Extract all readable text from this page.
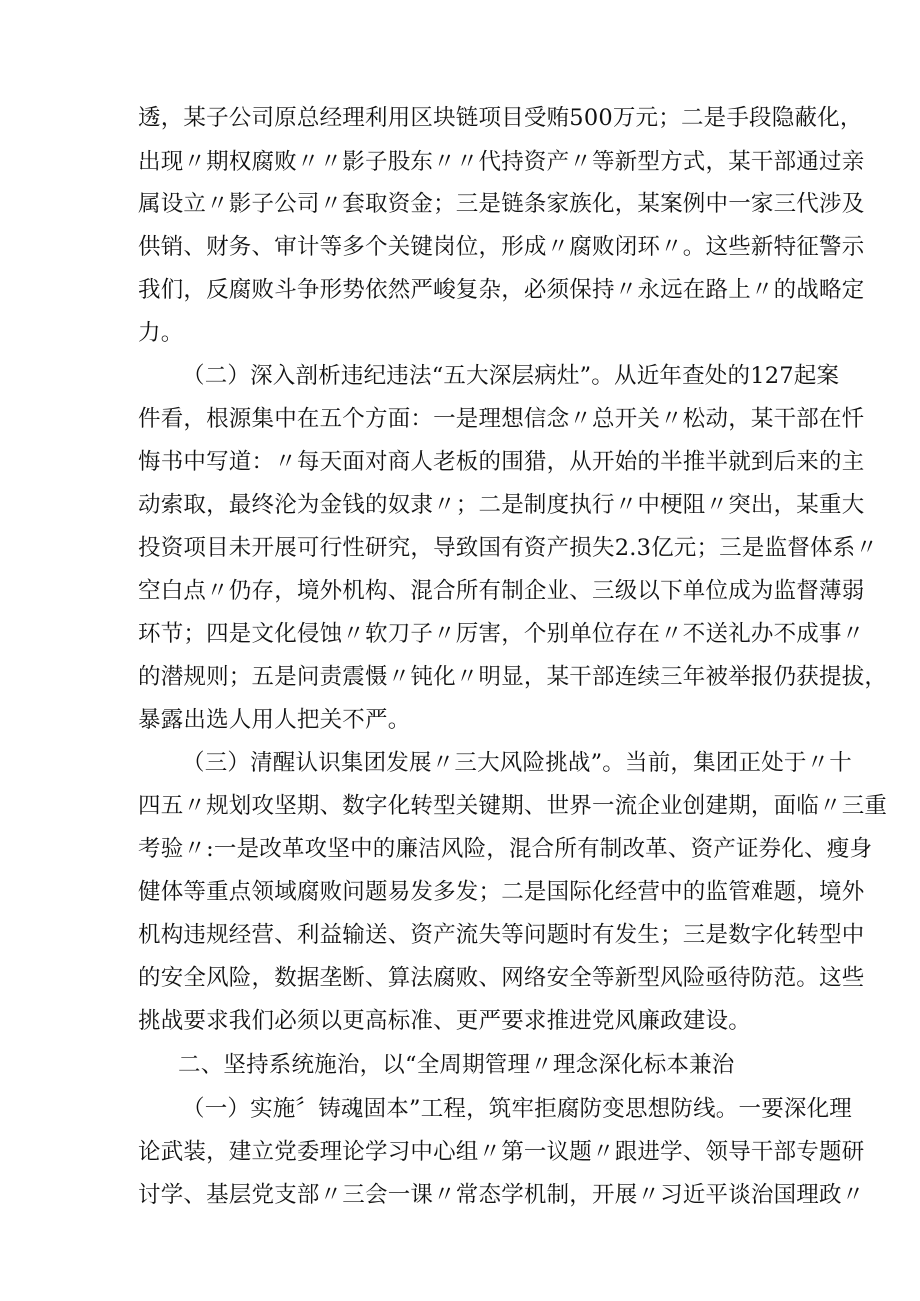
透，某子公司原总经理利用区块链项目受贿500万元；二是手段隐蔽化，
出现〃期权腐败〃〃影子股东〃〃代持资产〃等新型方式，某干部通过亲
属设立〃影子公司〃套取资金；三是链条家族化，某案例中一家三代涉及
供销、财务、审计等多个关键岗位，形成〃腐败闭环〃。这些新特征警示
我们，反腐败斗争形势依然严峻复杂，必须保持〃永远在路上〃的战略定
力。
（二）深入剖析违纪违法“五大深层病灶”。从近年查处的127起案
件看，根源集中在五个方面：一是理想信念〃总开关〃松动，某干部在忏
悔书中写道：〃每天面对商人老板的围猎，从开始的半推半就到后来的主
动索取，最终沦为金钱的奴隶〃；二是制度执行〃中梗阻〃突出，某重大
投资项目未开展可行性研究，导致国有资产损失2.3亿元；三是监督体系〃
空白点〃仍存，境外机构、混合所有制企业、三级以下单位成为监督薄弱
环节；四是文化侵蚀〃软刀子〃厉害，个别单位存在〃不送礼办不成事〃
的潜规则；五是问责震慑〃钝化〃明显，某干部连续三年被举报仍获提拔，
暴露出选人用人把关不严。
（三）清醒认识集团发展〃三大风险挑战”。当前，集团正处于〃十
四五〃规划攻坚期、数字化转型关键期、世界一流企业创建期，面临〃三重
考验〃:一是改革攻坚中的廉洁风险，混合所有制改革、资产证券化、瘦身
健体等重点领域腐败问题易发多发；二是国际化经营中的监管难题，境外
机构违规经营、利益输送、资产流失等问题时有发生；三是数字化转型中
的安全风险，数据垄断、算法腐败、网络安全等新型风险亟待防范。这些
挑战要求我们必须以更高标准、更严要求推进党风廉政建设。
二、坚持系统施治，以“全周期管理〃理念深化标本兼治
（一）实施〞铸魂固本”工程，筑牢拒腐防变思想防线。一要深化理
论武装，建立党委理论学习中心组〃第一议题〃跟进学、领导干部专题研
讨学、基层党支部〃三会一课〃常态学机制，开展〃习近平谈治国理政〃
